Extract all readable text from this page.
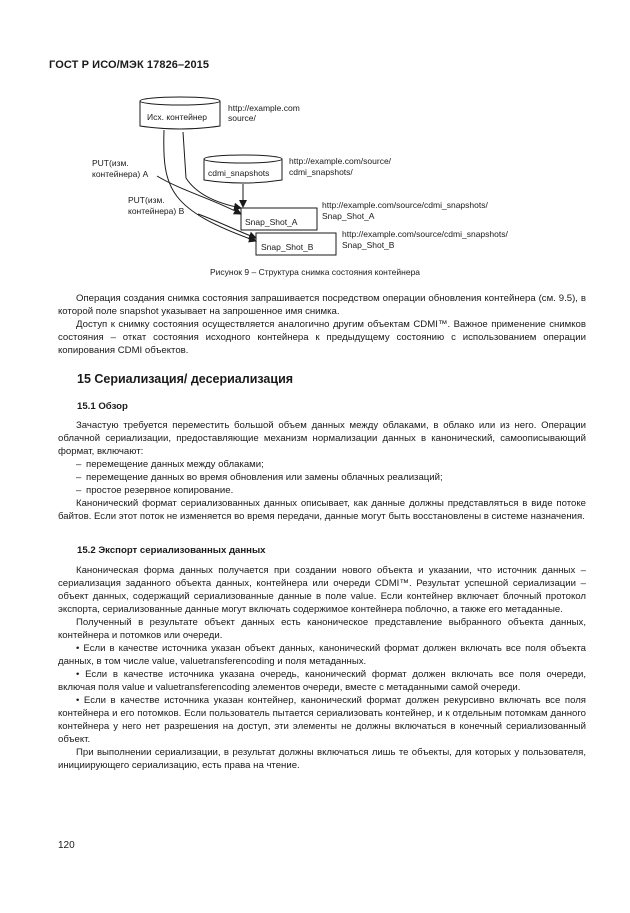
ГОСТ Р ИСО/МЭК 17826–2015
Исх. контейнер
cdmi_snapshots
Snap_Shot_A
Snap_Shot_B
http://example.com
source/
http://example.com/source/
cdmi_snapshots/
http://example.com/source/cdmi_snapshots/
Snap_Shot_A
http://example.com/source/cdmi_snapshots/
Snap_Shot_B
PUT(изм.
контейнера) A
PUT(изм.
контейнера) B
Рисунок 9 – Структура снимка состояния контейнера

Операция создания снимка состояния запрашивается посредством операции обновления контейнера (см. 9.5), в которой поле snapshot указывает на запрошенное имя снимка.

Доступ к снимку состояния осуществляется аналогично другим объектам CDMI™. Важное применение снимков состояния – откат состояния исходного контейнера к предыдущему состоянию с использованием операции копирования CDMI объектов.

15 Сериализация/ десериализация
15.1 Обзор

Зачастую требуется переместить большой объем данных между облаками, в облако или из него. Операции облачной сериализации, предоставляющие механизм нормализации данных в канонический, самоописывающий формат, включают:

– перемещение данных между облаками;
– перемещение данных во время обновления или замены облачных реализаций;
– простое резервное копирование.

Канонический формат сериализованных данных описывает, как данные должны представляться в виде потоке байтов. Если этот поток не изменяется во время передачи, данные могут быть восстановлены в системе назначения.

15.2 Экспорт сериализованных данных

Каноническая форма данных получается при создании нового объекта и указании, что источник данных – сериализация заданного объекта данных, контейнера или очереди CDMI™. Результат успешной сериализации – объект данных, содержащий сериализованные данные в поле value. Если контейнер включает блочный протокол экспорта, сериализованные данные могут включать содержимое контейнера поблочно, а также его метаданные.

Полученный в результате объект данных есть каноническое представление выбранного объекта данных, контейнера и потомков или очереди.

• Если в качестве источника указан объект данных, канонический формат должен включать все поля объекта данных, в том числе value, valuetransferencoding и поля метаданных.

• Если в качестве источника указана очередь, канонический формат должен включать все поля очереди, включая поля value и valuetransferencoding элементов очереди, вместе с метаданными самой очереди.

• Если в качестве источника указан контейнер, канонический формат должен рекурсивно включать все поля контейнера и его потомков. Если пользователь пытается сериализовать контейнер, и к отдельным потомкам данного контейнера у него нет разрешения на доступ, эти элементы не должны включаться в конечный сериализованный объект.

При выполнении сериализации, в результат должны включаться лишь те объекты, для которых у пользователя, инициирующего сериализацию, есть права на чтение.

120
